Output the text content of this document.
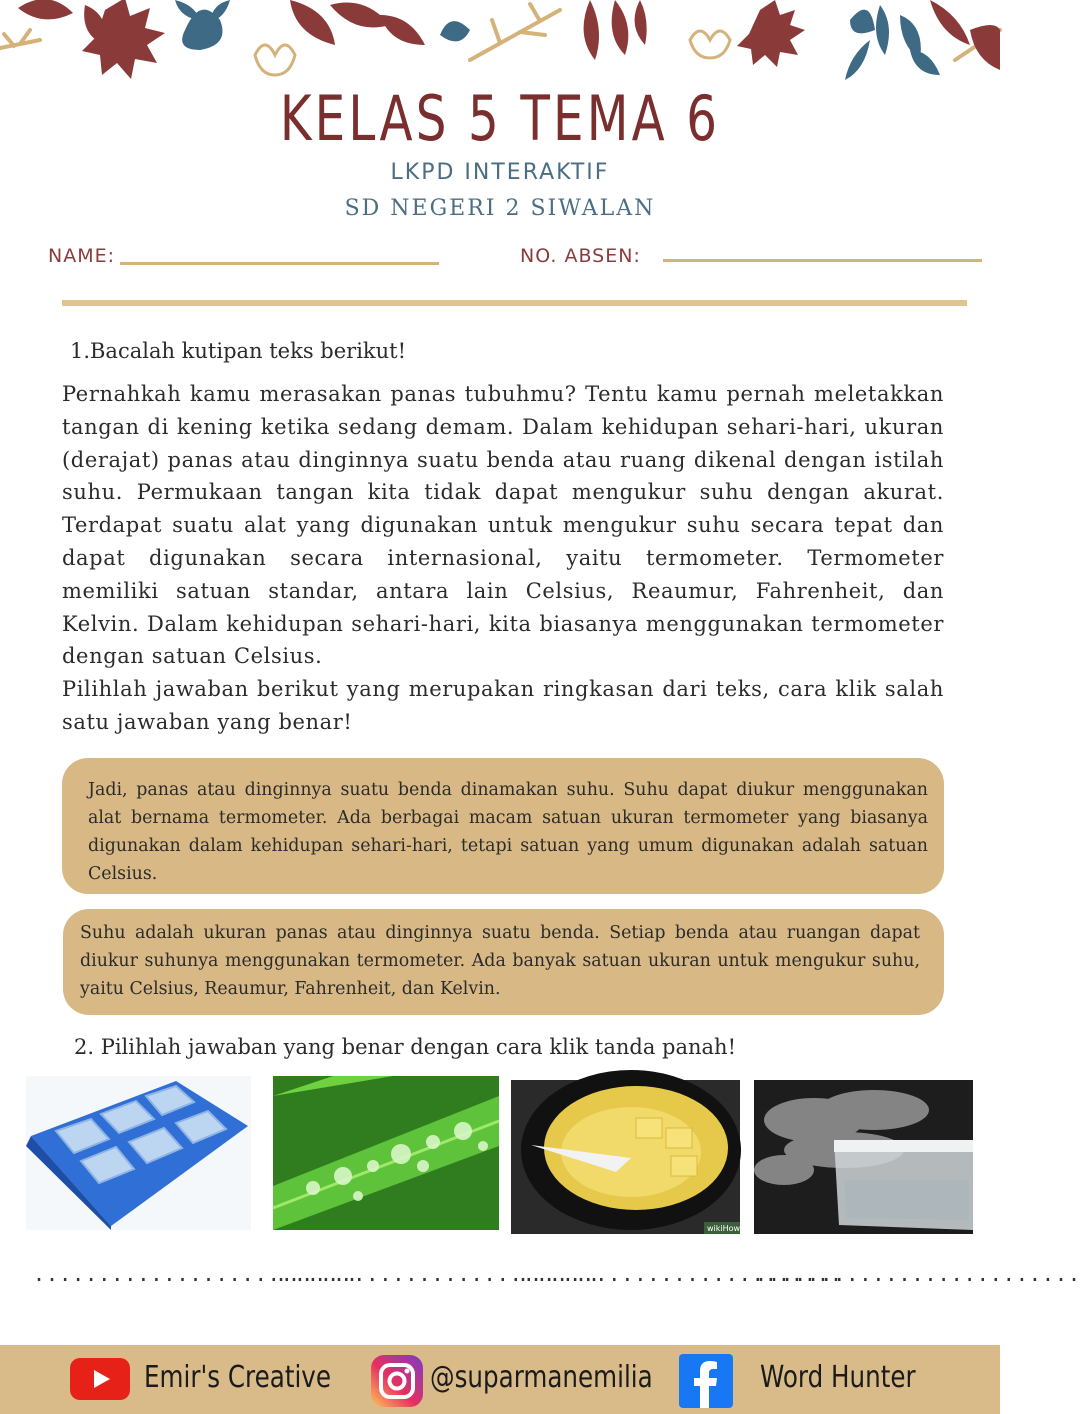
KELAS 5 TEMA 6
LKPD INTERAKTIF
SD NEGERI 2 SIWALAN
NAME:	NO. ABSEN:
1. Bacalah kutipan teks berikut!

Pernahkah kamu merasakan panas tubuhmu? Tentu kamu pernah meletakkan tangan di kening ketika sedang demam. Dalam kehidupan sehari-hari, ukuran (derajat) panas atau dinginnya suatu benda atau ruang dikenal dengan istilah suhu. Permukaan tangan kita tidak dapat mengukur suhu dengan akurat. Terdapat suatu alat yang digunakan untuk mengukur suhu secara tepat dan dapat digunakan secara internasional, yaitu termometer. Termometer memiliki satuan standar, antara lain Celsius, Reaumur, Fahrenheit, dan Kelvin. Dalam kehidupan sehari-hari, kita biasanya menggunakan termometer dengan satuan Celsius.

Pilihlah jawaban berikut yang merupakan ringkasan dari teks, cara klik salah satu jawaban yang benar!

Jadi, panas atau dinginnya suatu benda dinamakan suhu. Suhu dapat diukur menggunakan alat bernama termometer. Ada berbagai macam satuan ukuran termometer yang biasanya digunakan dalam kehidupan sehari-hari, tetapi satuan yang umum digunakan adalah satuan Celsius.
Suhu adalah ukuran panas atau dinginnya suatu benda. Setiap benda atau ruangan dapat diukur suhunya menggunakan termometer. Ada banyak satuan ukuran untuk mengukur suhu, yaitu Celsius, Reaumur, Fahrenheit, dan Kelvin.
2. Pilihlah jawaban yang benar dengan cara klik tanda panah!
wikiHow
.........................
.........................
.........................
.........................
Emir's Creative	@suparmanemilia	Word Hunter
